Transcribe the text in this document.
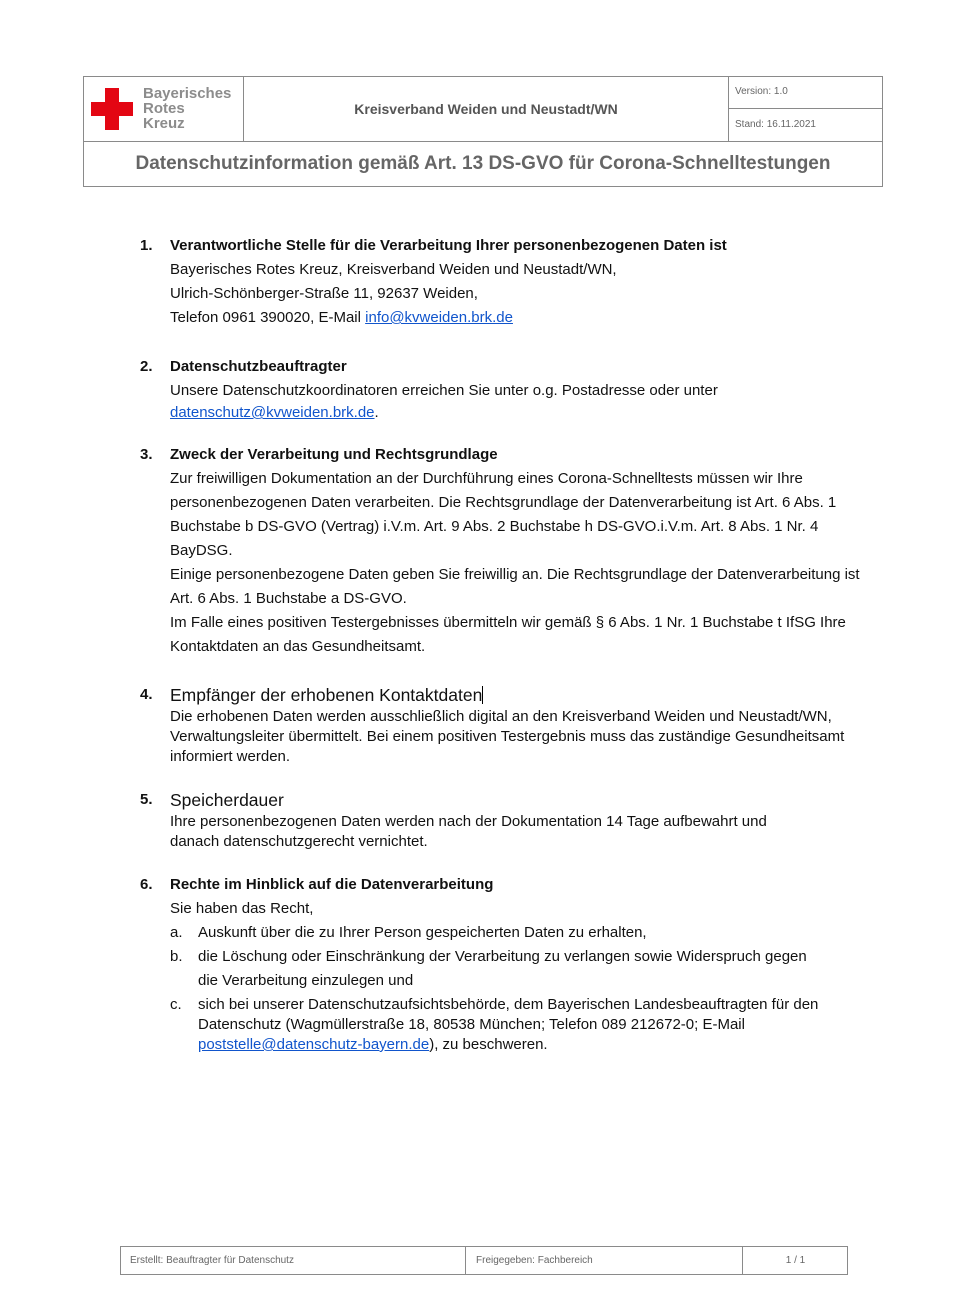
Bayerisches
Rotes
Kreuz
Kreisverband Weiden und Neustadt/WN
Version: 1.0
Stand: 16.11.2021
Datenschutzinformation gemäß Art. 13 DS-GVO für Corona-Schnelltestungen
1. Verantwortliche Stelle für die Verarbeitung Ihrer personenbezogenen Daten ist

Bayerisches Rotes Kreuz, Kreisverband Weiden und Neustadt/WN,

Ulrich-Schönberger-Straße 11, 92637 Weiden,

Telefon 0961 390020, E-Mail info@kvweiden.brk.de

2. Datenschutzbeauftragter

Unsere Datenschutzkoordinatoren erreichen Sie unter o.g. Postadresse oder unter

datenschutz@kvweiden.brk.de.

3. Zweck der Verarbeitung und Rechtsgrundlage

Zur freiwilligen Dokumentation an der Durchführung eines Corona-Schnelltests müssen wir Ihre personenbezogenen Daten verarbeiten. Die Rechtsgrundlage der Datenverarbeitung ist Art. 6 Abs. 1 Buchstabe b DS-GVO (Vertrag) i.V.m. Art. 9 Abs. 2 Buchstabe h DS-GVO.i.V.m. Art. 8 Abs. 1 Nr. 4 BayDSG.

Einige personenbezogene Daten geben Sie freiwillig an. Die Rechtsgrundlage der Datenverarbeitung ist Art. 6 Abs. 1 Buchstabe a DS-GVO.

Im Falle eines positiven Testergebnisses übermitteln wir gemäß § 6 Abs. 1 Nr. 1 Buchstabe t IfSG Ihre Kontaktdaten an das Gesundheitsamt.

4. Empfänger der erhobenen Kontaktdaten

Die erhobenen Daten werden ausschließlich digital an den Kreisverband Weiden und Neustadt/WN, Verwaltungsleiter übermittelt. Bei einem positiven Testergebnis muss das zuständige Gesundheitsamt informiert werden.

5. Speicherdauer

Ihre personenbezogenen Daten werden nach der Dokumentation 14 Tage aufbewahrt und danach datenschutzgerecht vernichtet.

6. Rechte im Hinblick auf die Datenverarbeitung

Sie haben das Recht,

a. Auskunft über die zu Ihrer Person gespeicherten Daten zu erhalten,
b. die Löschung oder Einschränkung der Verarbeitung zu verlangen sowie Widerspruch gegen die Verarbeitung einzulegen und
c. sich bei unserer Datenschutzaufsichtsbehörde, dem Bayerischen Landesbeauftragten für den Datenschutz (Wagmüllerstraße 18, 80538 München; Telefon 089 212672-0; E-Mail poststelle@datenschutz-bayern.de), zu beschweren.
Erstellt: Beauftragter für Datenschutz	Freigegeben: Fachbereich	1 / 1
